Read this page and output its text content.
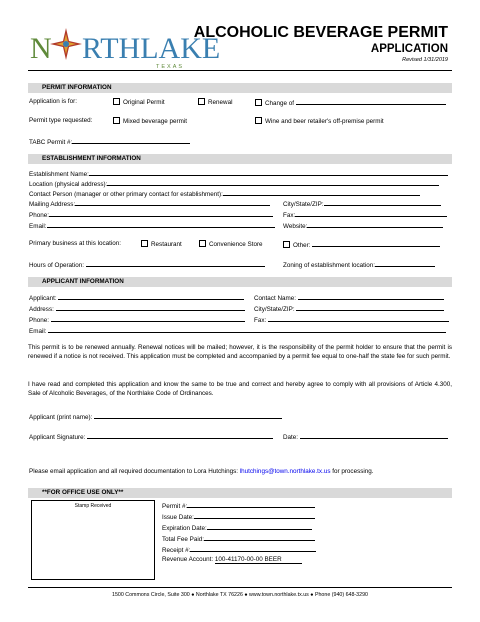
N RTHLAKE
TEXAS
ALCOHOLIC BEVERAGE PERMIT
APPLICATION
Revised 1/31/2019
PERMIT INFORMATION
Application is for:	Original Permit	Renewal	Change of
Permit type requested:	Mixed beverage permit	Wine and beer retailer's off-premise permit
TABC Permit #:
ESTABLISHMENT INFORMATION
Establishment Name:
Location (physical address):
Contact Person (manager or other primary contact for establishment):
Mailing Address:	City/State/ZIP:
Phone:	Fax:
Email:	Website:
Primary business at this location:	Restaurant	Convenience Store	Other:
Hours of Operation:	Zoning of establishment location:
APPLICANT INFORMATION
Applicant:	Contact Name:
Address:	City/State/ZIP:
Phone:	Fax:
Email:
This permit is to be renewed annually. Renewal notices will be mailed; however, it is the responsibility of the permit holder to ensure that the permit is renewed if a notice is not received. This application must be completed and accompanied by a permit fee equal to one-half the state fee for such permit.
I have read and completed this application and know the same to be true and correct and hereby agree to comply with all provisions of Article 4.300, Sale of Alcoholic Beverages, of the Northlake Code of Ordinances.
Applicant (print name):
Applicant Signature:	Date:
Please email application and all required documentation to Lora Hutchings: lhutchings@town.northlake.tx.us for processing.
**FOR OFFICE USE ONLY**
Stamp Received	Permit #:
Issue Date:
Expiration Date:
Total Fee Paid:
Receipt #:
Revenue Account: 100-41170-00-00 BEER
1500 Commons Circle, Suite 300 ● Northlake TX 76226 ● www.town.northlake.tx.us ● Phone (940) 648-3290
